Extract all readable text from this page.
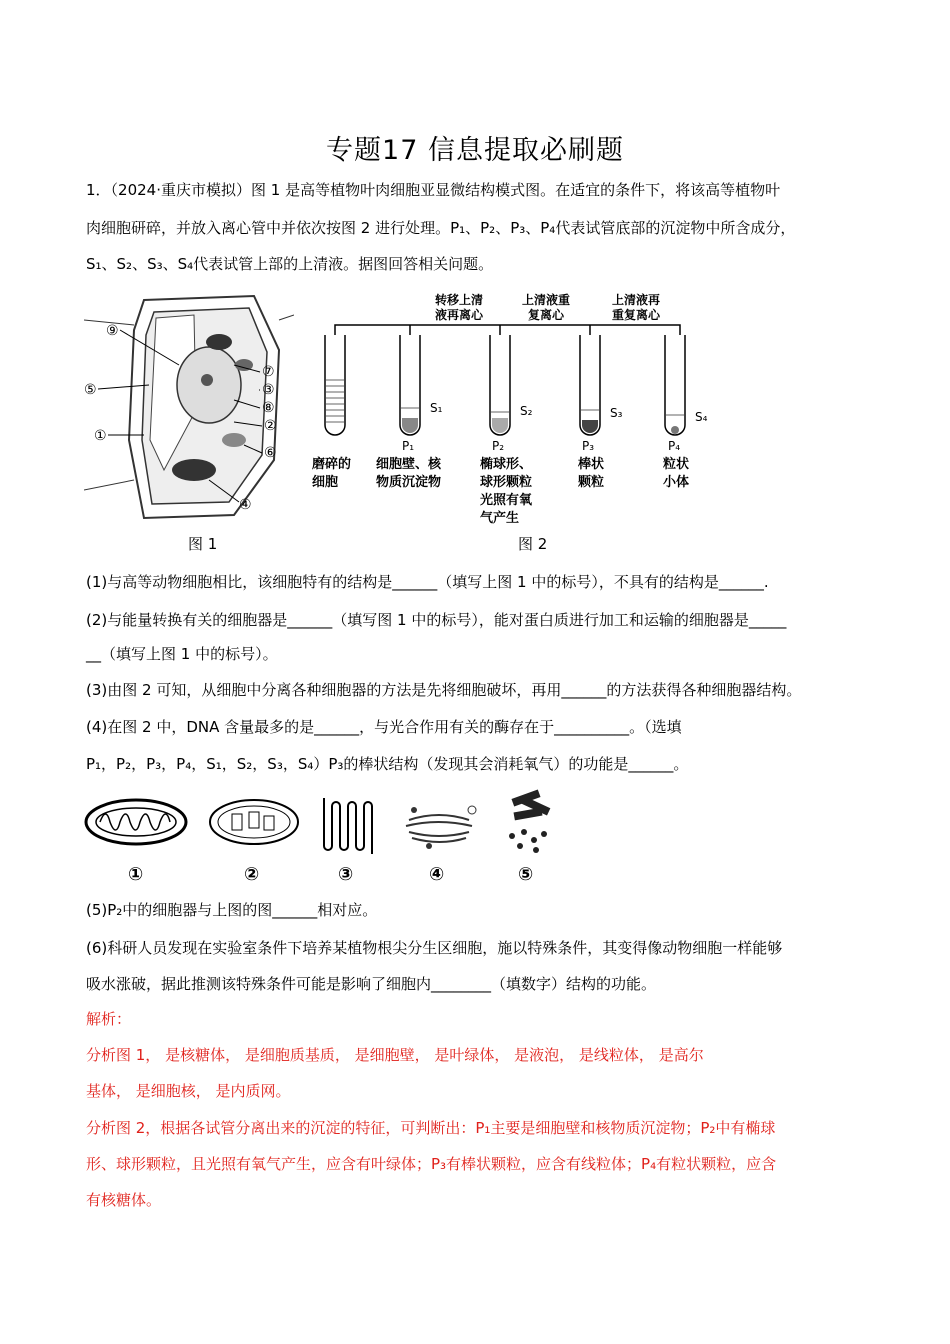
专题17 信息提取必刷题
1．（2024·重庆市模拟）图 1 是高等植物叶肉细胞亚显微结构模式图。在适宜的条件下，将该高等植物叶
肉细胞研碎，并放入离心管中并依次按图 2 进行处理。P₁、P₂、P₃、P₄代表试管底部的沉淀物中所含成分，
S₁、S₂、S₃、S₄代表试管上部的上清液。据图回答相关问题。
⑨
⑤
①
⑦
③
⑧
②
⑥
④
图 1
转移上清
液再离心
上清液重
复离心
上清液再
重复离心
S₁	S₂	S₃	S₄
P₁	P₂	P₃	P₄
磨碎的
细胞
细胞壁、核
物质沉淀物
椭球形、
球形颗粒
光照有氧
气产生
棒状
颗粒
粒状
小体
图 2
(1)与高等动物细胞相比，该细胞特有的结构是______（填写上图 1 中的标号），不具有的结构是______.
(2)与能量转换有关的细胞器是______（填写图 1 中的标号），能对蛋白质进行加工和运输的细胞器是_____
__（填写上图 1 中的标号）。
(3)由图 2 可知，从细胞中分离各种细胞器的方法是先将细胞破坏，再用______的方法获得各种细胞器结构。
(4)在图 2 中，DNA 含量最多的是______，与光合作用有关的酶存在于__________。（选填
P₁，P₂，P₃，P₄，S₁，S₂，S₃，S₄）P₃的棒状结构（发现其会消耗氧气）的功能是______。
①	②	③	④	⑤
(5)P₂中的细胞器与上图的图______相对应。
(6)科研人员发现在实验室条件下培养某植物根尖分生区细胞，施以特殊条件，其变得像动物细胞一样能够
吸水涨破，据此推测该特殊条件可能是影响了细胞内________（填数字）结构的功能。
解析：
分析图 1， 是核糖体， 是细胞质基质， 是细胞壁， 是叶绿体， 是液泡， 是线粒体， 是高尔
基体， 是细胞核， 是内质网。
分析图 2，根据各试管分离出来的沉淀的特征，可判断出：P₁主要是细胞壁和核物质沉淀物；P₂中有椭球
形、球形颗粒，且光照有氧气产生，应含有叶绿体；P₃有棒状颗粒，应含有线粒体；P₄有粒状颗粒，应含
有核糖体。
